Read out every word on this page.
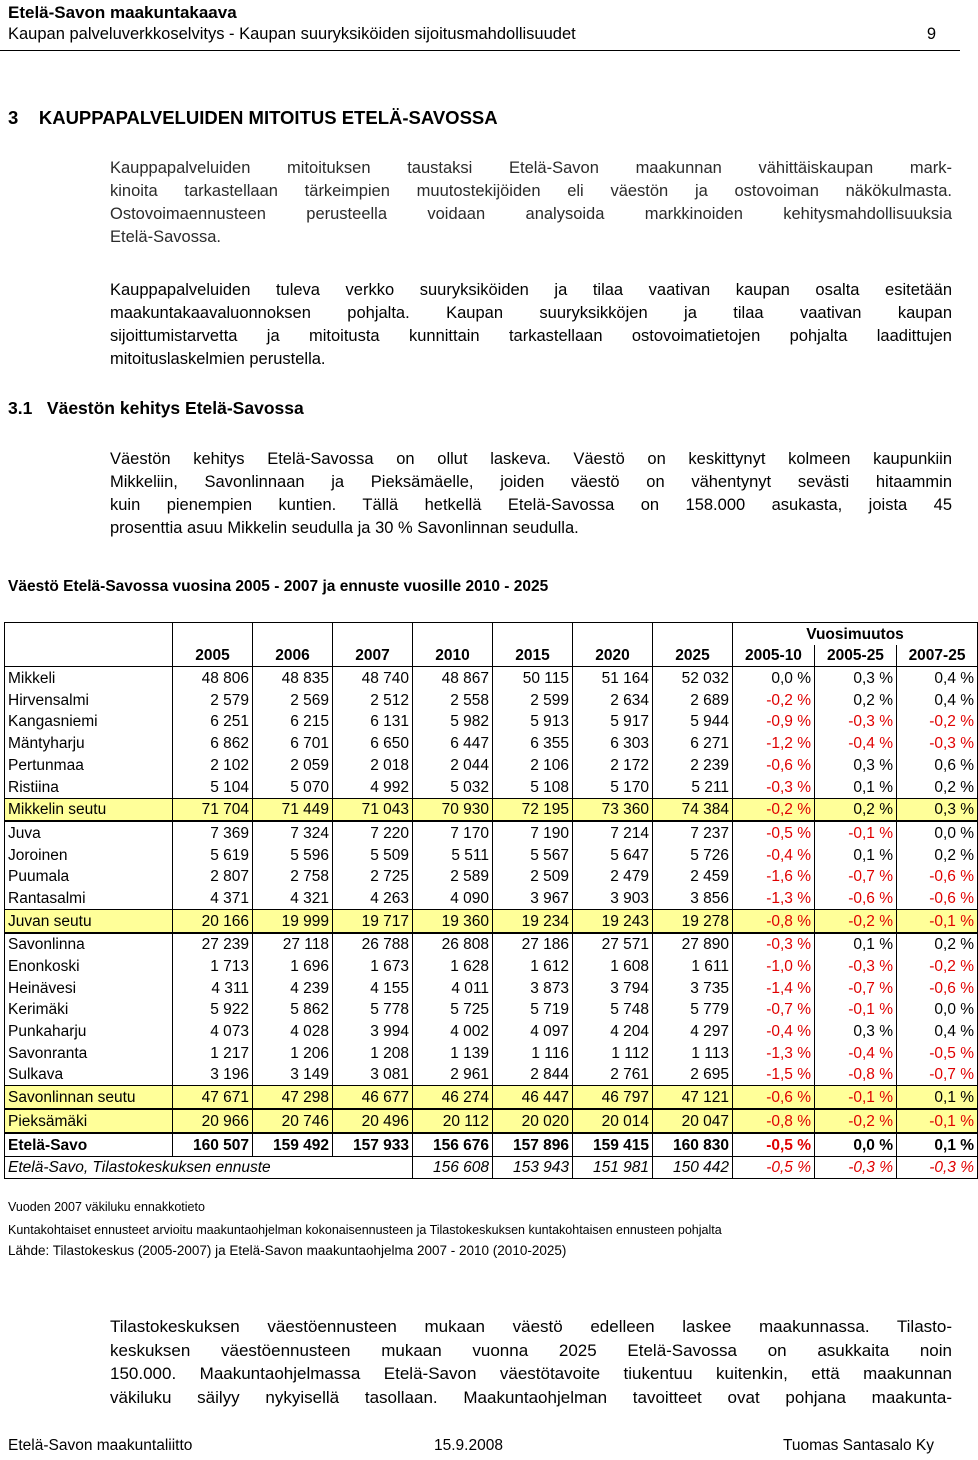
Etelä-Savon maakuntakaava
Kaupan palveluverkkoselvitys - Kaupan suuryksiköiden sijoitusmahdollisuudet	9
3    KAUPPAPALVELUIDEN MITOITUS ETELÄ-SAVOSSA
Kauppapalveluiden mitoituksen taustaksi Etelä-Savon maakunnan vähittäiskaupan mark-
kinoita tarkastellaan tärkeimpien muutostekijöiden eli väestön ja ostovoiman näkökulmasta.
Ostovoimaennusteen perusteella voidaan analysoida markkinoiden kehitysmahdollisuuksia
Etelä-Savossa.
Kauppapalveluiden tuleva verkko suuryksiköiden ja tilaa vaativan kaupan osalta esitetään
maakuntakaavaluonnoksen pohjalta. Kaupan suuryksikköjen ja tilaa vaativan kaupan
sijoittumistarvetta ja mitoitusta kunnittain tarkastellaan ostovoimatietojen pohjalta laadittujen
mitoituslaskelmien perustella.
3.1   Väestön kehitys Etelä-Savossa
Väestön kehitys Etelä-Savossa on ollut laskeva. Väestö on keskittynyt kolmeen kaupunkiin
Mikkeliin, Savonlinnaan ja Pieksämäelle, joiden väestö on vähentynyt sevästi hitaammin
kuin pienempien kuntien. Tällä hetkellä Etelä-Savossa on 158.000 asukasta, joista 45
prosenttia asuu Mikkelin seudulla ja 30 % Savonlinnan seudulla.
Väestö Etelä-Savossa vuosina 2005 - 2007 ja ennuste vuosille 2010 - 2025
								Vuosimuutos		
	2005	2006	2007	2010	2015	2020	2025	2005-10	2005-25	2007-25
Mikkeli	48 806	48 835	48 740	48 867	50 115	51 164	52 032	0,0 %	0,3 %	0,4 %
Hirvensalmi	2 579	2 569	2 512	2 558	2 599	2 634	2 689	-0,2 %	0,2 %	0,4 %
Kangasniemi	6 251	6 215	6 131	5 982	5 913	5 917	5 944	-0,9 %	-0,3 %	-0,2 %
Mäntyharju	6 862	6 701	6 650	6 447	6 355	6 303	6 271	-1,2 %	-0,4 %	-0,3 %
Pertunmaa	2 102	2 059	2 018	2 044	2 106	2 172	2 239	-0,6 %	0,3 %	0,6 %
Ristiina	5 104	5 070	4 992	5 032	5 108	5 170	5 211	-0,3 %	0,1 %	0,2 %
Mikkelin seutu	71 704	71 449	71 043	70 930	72 195	73 360	74 384	-0,2 %	0,2 %	0,3 %
Juva	7 369	7 324	7 220	7 170	7 190	7 214	7 237	-0,5 %	-0,1 %	0,0 %
Joroinen	5 619	5 596	5 509	5 511	5 567	5 647	5 726	-0,4 %	0,1 %	0,2 %
Puumala	2 807	2 758	2 725	2 589	2 509	2 479	2 459	-1,6 %	-0,7 %	-0,6 %
Rantasalmi	4 371	4 321	4 263	4 090	3 967	3 903	3 856	-1,3 %	-0,6 %	-0,6 %
Juvan seutu	20 166	19 999	19 717	19 360	19 234	19 243	19 278	-0,8 %	-0,2 %	-0,1 %
Savonlinna	27 239	27 118	26 788	26 808	27 186	27 571	27 890	-0,3 %	0,1 %	0,2 %
Enonkoski	1 713	1 696	1 673	1 628	1 612	1 608	1 611	-1,0 %	-0,3 %	-0,2 %
Heinävesi	4 311	4 239	4 155	4 011	3 873	3 794	3 735	-1,4 %	-0,7 %	-0,6 %
Kerimäki	5 922	5 862	5 778	5 725	5 719	5 748	5 779	-0,7 %	-0,1 %	0,0 %
Punkaharju	4 073	4 028	3 994	4 002	4 097	4 204	4 297	-0,4 %	0,3 %	0,4 %
Savonranta	1 217	1 206	1 208	1 139	1 116	1 112	1 113	-1,3 %	-0,4 %	-0,5 %
Sulkava	3 196	3 149	3 081	2 961	2 844	2 761	2 695	-1,5 %	-0,8 %	-0,7 %
Savonlinnan seutu	47 671	47 298	46 677	46 274	46 447	46 797	47 121	-0,6 %	-0,1 %	0,1 %
Pieksämäki	20 966	20 746	20 496	20 112	20 020	20 014	20 047	-0,8 %	-0,2 %	-0,1 %
Etelä-Savo	160 507	159 492	157 933	156 676	157 896	159 415	160 830	-0,5 %	0,0 %	0,1 %
Etelä-Savo, Tilastokeskuksen ennuste				156 608	153 943	151 981	150 442	-0,5 %	-0,3 %	-0,3 %
Vuoden 2007 väkiluku ennakkotieto
Kuntakohtaiset ennusteet arvioitu maakuntaohjelman kokonaisennusteen ja Tilastokeskuksen kuntakohtaisen ennusteen pohjalta
Lähde: Tilastokeskus (2005-2007) ja Etelä-Savon maakuntaohjelma 2007 - 2010 (2010-2025)
Tilastokeskuksen väestöennusteen mukaan väestö edelleen laskee maakunnassa. Tilasto-
keskuksen väestöennusteen mukaan vuonna 2025 Etelä-Savossa on asukkaita noin
150.000. Maakuntaohjelmassa Etelä-Savon väestötavoite tiukentuu kuitenkin, että maakunnan
väkiluku säilyy nykyisellä tasollaan. Maakuntaohjelman tavoitteet ovat pohjana maakunta-
Etelä-Savon maakuntaliitto	15.9.2008	Tuomas Santasalo Ky
